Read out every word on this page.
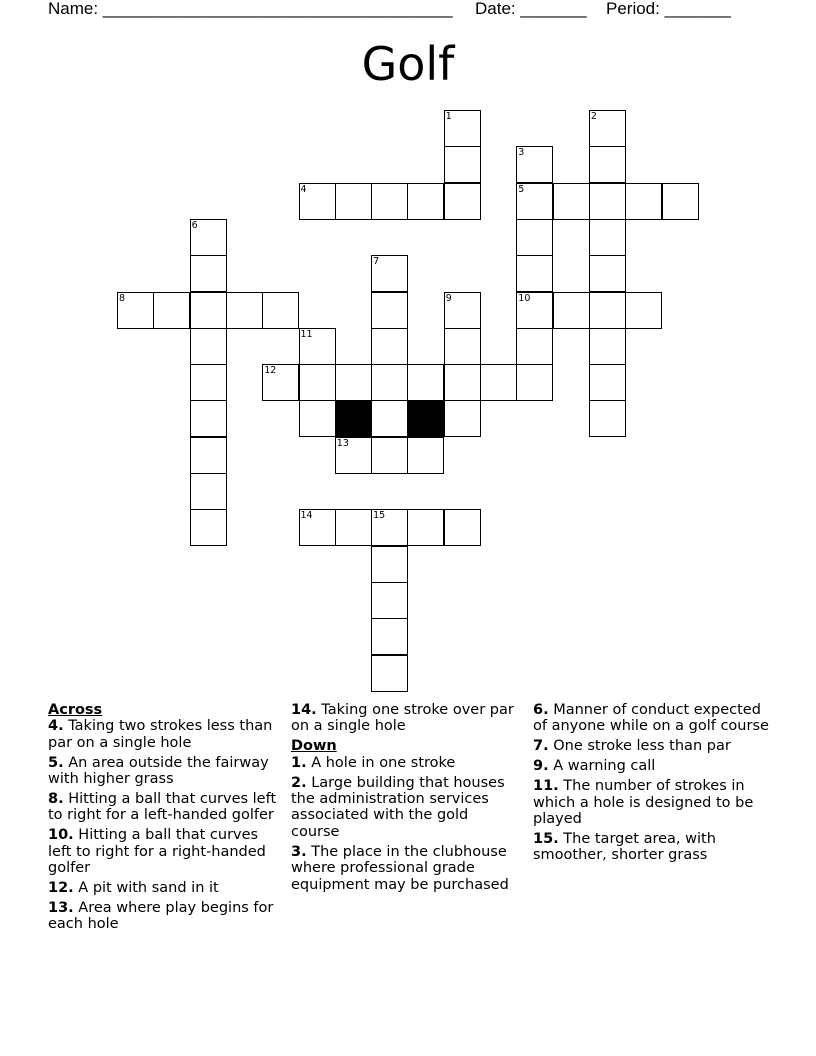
Name: _____________________________________ Date: _______ Period: _______
Golf
1	2
3
4	5
6
7
8	9	10
11
12
13
14	15
Across
4. Taking two strokes less than par on a single hole
5. An area outside the fairway with higher grass
8. Hitting a ball that curves left to right for a left-handed golfer
10. Hitting a ball that curves left to right for a right-handed golfer
12. A pit with sand in it
13. Area where play begins for each hole
14. Taking one stroke over par on a single hole
Down
1. A hole in one stroke
2. Large building that houses the administration services associated with the gold course
3. The place in the clubhouse where professional grade equipment may be purchased
6. Manner of conduct expected of anyone while on a golf course
7. One stroke less than par
9. A warning call
11. The number of strokes in which a hole is designed to be played
15. The target area, with smoother, shorter grass
